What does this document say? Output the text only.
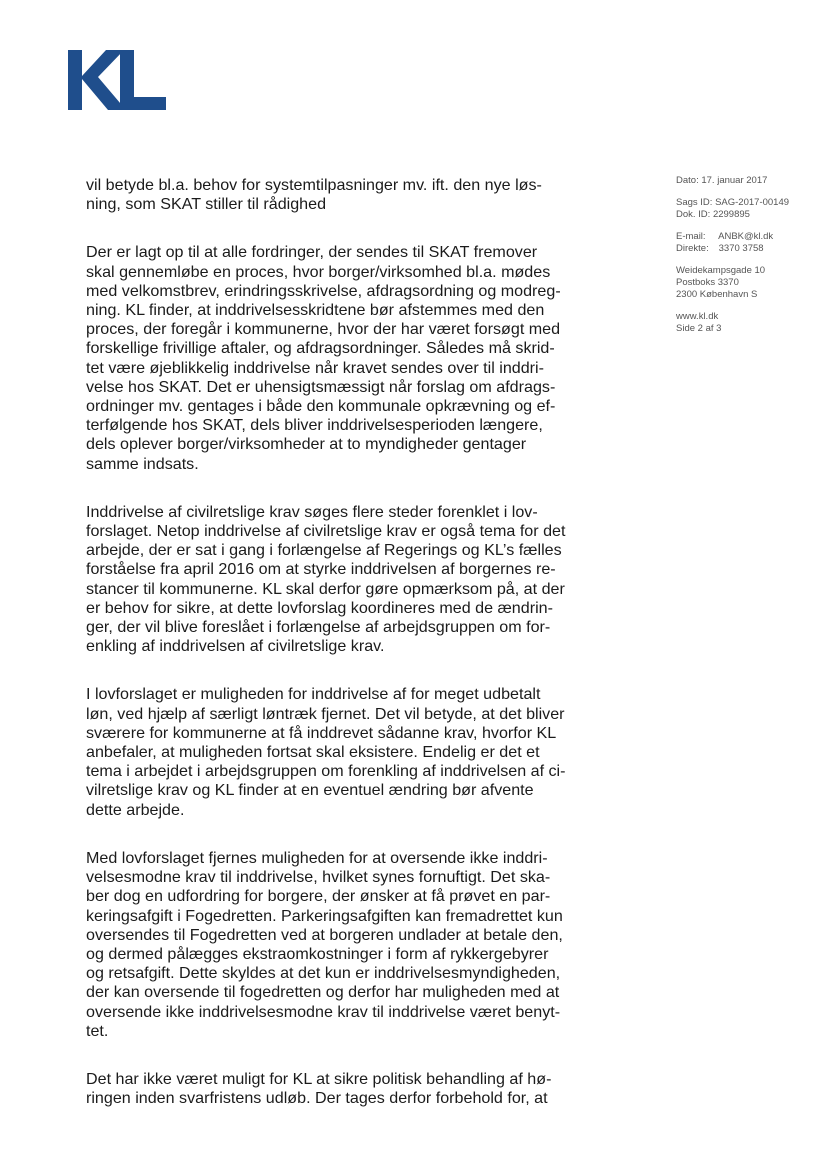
Dato: 17. januar 2017
Sags ID: SAG-2017-00149
Dok. ID: 2299895
E-mail: ANBK@kl.dk
Direkte: 3370 3758
Weidekampsgade 10
Postboks 3370
2300 København S
www.kl.dk
Side 2 af 3
vil betyde bl.a. behov for systemtilpasninger mv. ift. den nye løs-
ning, som SKAT stiller til rådighed
Der er lagt op til at alle fordringer, der sendes til SKAT fremover
skal gennemløbe en proces, hvor borger/virksomhed bl.a. mødes
med velkomstbrev, erindringsskrivelse, afdragsordning og modreg-
ning. KL finder, at inddrivelsesskridtene bør afstemmes med den
proces, der foregår i kommunerne, hvor der har været forsøgt med
forskellige frivillige aftaler, og afdragsordninger. Således må skrid-
tet være øjeblikkelig inddrivelse når kravet sendes over til inddri-
velse hos SKAT. Det er uhensigtsmæssigt når forslag om afdrags-
ordninger mv. gentages i både den kommunale opkrævning og ef-
terfølgende hos SKAT, dels bliver inddrivelsesperioden længere,
dels oplever borger/virksomheder at to myndigheder gentager
samme indsats.
Inddrivelse af civilretslige krav søges flere steder forenklet i lov-
forslaget. Netop inddrivelse af civilretslige krav er også tema for det
arbejde, der er sat i gang i forlængelse af Regerings og KL’s fælles
forståelse fra april 2016 om at styrke inddrivelsen af borgernes re-
stancer til kommunerne. KL skal derfor gøre opmærksom på, at der
er behov for sikre, at dette lovforslag koordineres med de ændrin-
ger, der vil blive foreslået i forlængelse af arbejdsgruppen om for-
enkling af inddrivelsen af civilretslige krav.
I lovforslaget er muligheden for inddrivelse af for meget udbetalt
løn, ved hjælp af særligt løntræk fjernet. Det vil betyde, at det bliver
sværere for kommunerne at få inddrevet sådanne krav, hvorfor KL
anbefaler, at muligheden fortsat skal eksistere. Endelig er det et
tema i arbejdet i arbejdsgruppen om forenkling af inddrivelsen af ci-
vilretslige krav og KL finder at en eventuel ændring bør afvente
dette arbejde.
Med lovforslaget fjernes muligheden for at oversende ikke inddri-
velsesmodne krav til inddrivelse, hvilket synes fornuftigt. Det ska-
ber dog en udfordring for borgere, der ønsker at få prøvet en par-
keringsafgift i Fogedretten. Parkeringsafgiften kan fremadrettet kun
oversendes til Fogedretten ved at borgeren undlader at betale den,
og dermed pålægges ekstraomkostninger i form af rykkergebyrer
og retsafgift. Dette skyldes at det kun er inddrivelsesmyndigheden,
der kan oversende til fogedretten og derfor har muligheden med at
oversende ikke inddrivelsesmodne krav til inddrivelse været benyt-
tet.
Det har ikke været muligt for KL at sikre politisk behandling af hø-
ringen inden svarfristens udløb. Der tages derfor forbehold for, at
